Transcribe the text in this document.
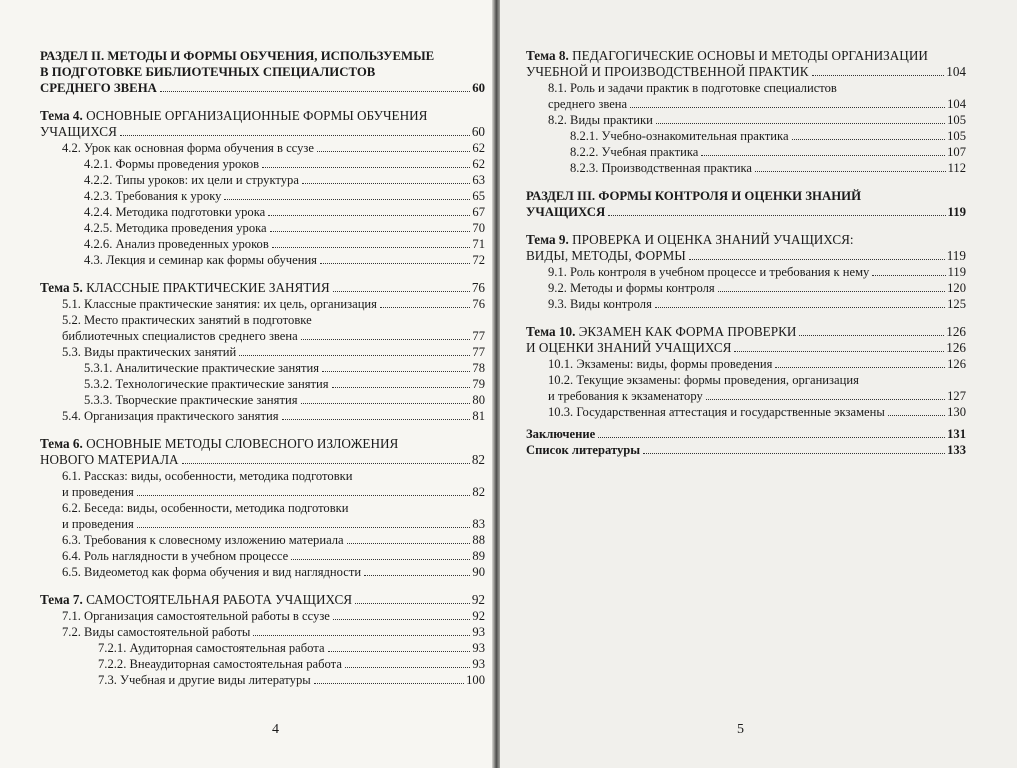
РАЗДЕЛ II. МЕТОДЫ И ФОРМЫ ОБУЧЕНИЯ, ИСПОЛЬЗУЕМЫЕ
В ПОДГОТОВКЕ БИБЛИОТЕЧНЫХ СПЕЦИАЛИСТОВ
СРЕДНЕГО ЗВЕНА	60
Тема 4. ОСНОВНЫЕ ОРГАНИЗАЦИОННЫЕ ФОРМЫ ОБУЧЕНИЯ
УЧАЩИХСЯ	60
4.2. Урок как основная форма обучения в ссузе	62
4.2.1. Формы проведения уроков	62
4.2.2. Типы уроков: их цели и структура	63
4.2.3. Требования к уроку	65
4.2.4. Методика подготовки урока	67
4.2.5. Методика проведения урока	70
4.2.6. Анализ проведенных уроков	71
4.3. Лекция и семинар как формы обучения	72
Тема 5. КЛАССНЫЕ ПРАКТИЧЕСКИЕ ЗАНЯТИЯ	76
5.1. Классные практические занятия: их цель, организация	76
5.2. Место практических занятий в подготовке
библиотечных специалистов среднего звена	77
5.3. Виды практических занятий	77
5.3.1. Аналитические практические занятия	78
5.3.2. Технологические практические занятия	79
5.3.3. Творческие практические занятия	80
5.4. Организация практического занятия	81
Тема 6. ОСНОВНЫЕ МЕТОДЫ СЛОВЕСНОГО ИЗЛОЖЕНИЯ
НОВОГО МАТЕРИАЛА	82
6.1. Рассказ: виды, особенности, методика подготовки
и проведения	82
6.2. Беседа: виды, особенности, методика подготовки
и проведения	83
6.3. Требования к словесному изложению материала	88
6.4. Роль наглядности в учебном процессе	89
6.5. Видеометод как форма обучения и вид наглядности	90
Тема 7. САМОСТОЯТЕЛЬНАЯ РАБОТА УЧАЩИХСЯ	92
7.1. Организация самостоятельной работы в ссузе	92
7.2. Виды самостоятельной работы	93
7.2.1. Аудиторная самостоятельная работа	93
7.2.2. Внеаудиторная самостоятельная работа	93
7.3. Учебная и другие виды литературы	100
4
Тема 8. ПЕДАГОГИЧЕСКИЕ ОСНОВЫ И МЕТОДЫ ОРГАНИЗАЦИИ
УЧЕБНОЙ И ПРОИЗВОДСТВЕННОЙ ПРАКТИК	104
8.1. Роль и задачи практик в подготовке специалистов
среднего звена	104
8.2. Виды практики	105
8.2.1. Учебно-ознакомительная практика	105
8.2.2. Учебная практика	107
8.2.3. Производственная практика	112
РАЗДЕЛ III. ФОРМЫ КОНТРОЛЯ И ОЦЕНКИ ЗНАНИЙ
УЧАЩИХСЯ	119
Тема 9. ПРОВЕРКА И ОЦЕНКА ЗНАНИЙ УЧАЩИХСЯ:
ВИДЫ, МЕТОДЫ, ФОРМЫ	119
9.1. Роль контроля в учебном процессе и требования к нему	119
9.2. Методы и формы контроля	120
9.3. Виды контроля	125
Тема 10. ЭКЗАМЕН КАК ФОРМА ПРОВЕРКИ	126
И ОЦЕНКИ ЗНАНИЙ УЧАЩИХСЯ	126
10.1. Экзамены: виды, формы проведения	126
10.2. Текущие экзамены: формы проведения, организация
и требования к экзаменатору	127
10.3. Государственная аттестация и государственные экзамены	130
Заключение	131
Список литературы	133
5
